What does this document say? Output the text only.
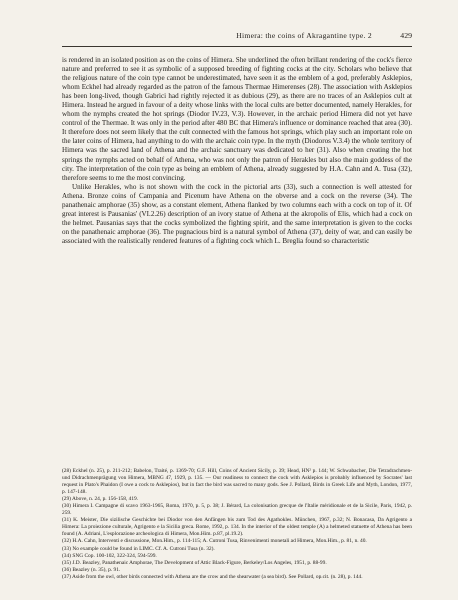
Himera: the coins of Akragantine type. 2	429

is rendered in an isolated position as on the coins of Himera. She underlined the often brillant rendering of the cock's fierce nature and preferred to see it as symbolic of a supposed breeding of fighting cocks at the city. Scholars who believe that the religious nature of the coin type cannot be underestimated, have seen it as the emblem of a god, preferably Asklepios, whom Eckhel had already regarded as the patron of the famous Thermae Himerenses (28). The association with Asklepios has been long-lived, though Gabrici had rightly rejected it as dubious (29), as there are no traces of an Asklepios cult at Himera. Instead he argued in favour of a deity whose links with the local cults are better documented, namely Herakles, for whom the nymphs created the hot springs (Diodor IV.23, V.3). However, in the archaic period Himera did not yet have control of the Thermae. It was only in the period after 480 BC that Himera's influence or dominance reached that area (30). It therefore does not seem likely that the cult connected with the famous hot springs, which play such an important role on the later coins of Himera, had anything to do with the archaic coin type. In the myth (Diodoros V.3.4) the whole territory of Himera was the sacred land of Athena and the archaic sanctuary was dedicated to her (31). Also when creating the hot springs the nymphs acted on behalf of Athena, who was not only the patron of Herakles but also the main goddess of the city. The interpretation of the coin type as being an emblem of Athena, already suggested by H.A. Cahn and A. Tusa (32), therefore seems to me the most convincing.

Unlike Herakles, who is not shown with the cock in the pictorial arts (33), such a connection is well attested for Athena. Bronze coins of Campania and Picenum have Athena on the obverse and a cock on the reverse (34). The panathenaic amphorae (35) show, as a constant element, Athena flanked by two columns each with a cock on top of it. Of great interest is Pausanias' (VI.2.26) description of an ivory statue of Athena at the akropolis of Elis, which had a cock on the helmet. Pausanias says that the cocks symbolized the fighting spirit, and the same interpretation is given to the cocks on the panathenaic amphorae (36). The pugnacious bird is a natural symbol of Athena (37), deity of war, and can easily be associated with the realistically rendered features of a fighting cock which L. Breglia found so characteristic

(28) Eckhel (n. 25), p. 211-212; Babelon, Traité, p. 1369-70; G.F. Hill, Coins of Ancient Sicily, p. 39; Head, HN² p. 144; W. Schwabacher, Die Tetradrachmen- und Didrachmenprägung von Himera, MBNG 47, 1929, p. 135. — Our readiness to connect the cock with Asklepios is probably influenced by Socrates' last request in Plato's Phaidon (I owe a cock to Asklepios), but in fact the bird was sacred to many gods. See J. Pollard, Birds in Greek Life and Myth, London, 1977, p. 147-148.

(29) Above, n. 24, p. 156-158, 419.

(30) Himera I. Campagne di scavo 1963-1965, Roma, 1970, p. 5, p. 38; J. Bérard, La colonisation grecque de l'Italie méridionale et de la Sicile, Paris, 1942, p. 259.

(31) K. Meister, Die sizilische Geschichte bei Diodor von den Anfängen bis zum Tod des Agathokles. München, 1967, p.32; N. Bonacasa, Da Agrigento a Himera: La proiezione culturale, Agrigento e la Sicilia greca. Rome, 1992, p. 134. In the interior of the oldest temple (A) a helmeted statuette of Athena has been found (A. Adriani, L'esplorazione archeologica di Himera, Mon.Him. p.87, pl.19.2).

(32) H.A. Cahn, Interventi e discussione, Mon.Him., p. 114-115; A. Cutroni Tusa, Rinvenimenti monetali ad Himera, Mon.Him., p. 81, n. 40.

(33) No example could be found in LIMC. Cf. A. Cutroni Tusa (n. 32).

(34) SNG Cop. 100-102, 322-324, 594-599.

(35) J.D. Beazley, Panathenaic Amphorae, The Development of Attic Black-Figure, Berkeley/Los Angeles, 1951, p. 88-99.

(36) Beazley (n. 35), p. 91.

(37) Aside from the owl, other birds connected with Athena are the crow and the shearwater (a sea bird). See Pollard, op.cit. (n. 28), p. 144.
